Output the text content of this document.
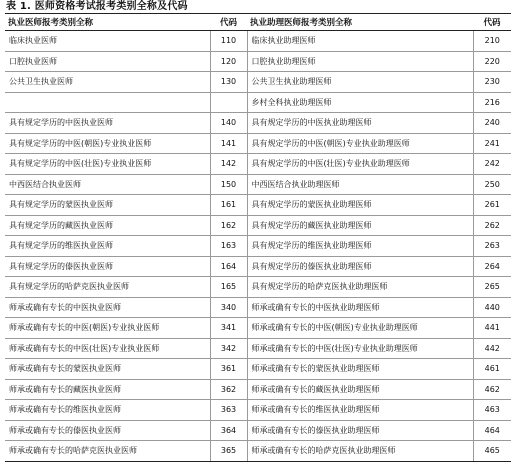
表 1. 医师资格考试报考类别全称及代码
执业医师报考类别全称	代码	执业助理医师报考类别全称	代码
临床执业医师	110	临床执业助理医师	210
口腔执业医师	120	口腔执业助理医师	220
公共卫生执业医师	130	公共卫生执业助理医师	230
		乡村全科执业助理医师	216
具有规定学历的中医执业医师	140	具有规定学历的中医执业助理医师	240
具有规定学历的中医(朝医)专业执业医师	141	具有规定学历的中医(朝医)专业执业助理医师	241
具有规定学历的中医(壮医)专业执业医师	142	具有规定学历的中医(壮医)专业执业助理医师	242
中西医结合执业医师	150	中西医结合执业助理医师	250
具有规定学历的蒙医执业医师	161	具有规定学历的蒙医执业助理医师	261
具有规定学历的藏医执业医师	162	具有规定学历的藏医执业助理医师	262
具有规定学历的维医执业医师	163	具有规定学历的维医执业助理医师	263
具有规定学历的傣医执业医师	164	具有规定学历的傣医执业助理医师	264
具有规定学历的哈萨克医执业医师	165	具有规定学历的哈萨克医执业助理医师	265
师承或确有专长的中医执业医师	340	师承或确有专长的中医执业助理医师	440
师承或确有专长的中医(朝医)专业执业医师	341	师承或确有专长的中医(朝医)专业执业助理医师	441
师承或确有专长的中医(壮医)专业执业医师	342	师承或确有专长的中医(壮医)专业执业助理医师	442
师承或确有专长的蒙医执业医师	361	师承或确有专长的蒙医执业助理医师	461
师承或确有专长的藏医执业医师	362	师承或确有专长的藏医执业助理医师	462
师承或确有专长的维医执业医师	363	师承或确有专长的维医执业助理医师	463
师承或确有专长的傣医执业医师	364	师承或确有专长的傣医执业助理医师	464
师承或确有专长的哈萨克医执业医师	365	师承或确有专长的哈萨克医执业助理医师	465
